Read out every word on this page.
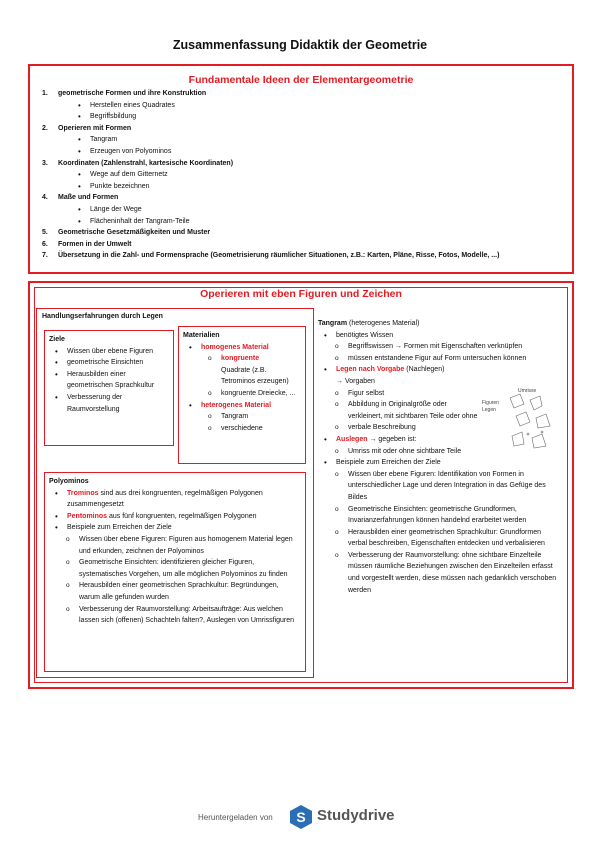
Zusammenfassung Didaktik der Geometrie
Fundamentale Ideen der Elementargeometrie
1. geometrische Formen und ihre Konstruktion
• Herstellen eines Quadrates
• Begriffsbildung
2. Operieren mit Formen
• Tangram
• Erzeugen von Polyominos
3. Koordinaten (Zahlenstrahl, kartesische Koordinaten)
• Wege auf dem Gitternetz
• Punkte bezeichnen
4. Maße und Formen
• Länge der Wege
• Flächeninhalt der Tangram-Teile
5. Geometrische Gesetzmäßigkeiten und Muster
6. Formen in der Umwelt
7. Übersetzung in die Zahl- und Formensprache (Geometrisierung räumlicher Situationen, z.B.: Karten, Pläne, Risse, Fotos, Modelle, ...)
Operieren mit eben Figuren und Zeichen
Handlungserfahrungen durch Legen
Ziele
• Wissen über ebene Figuren
• geometrische Einsichten
• Herausbilden einer geometrischen Sprachkultur
• Verbesserung der Raumvorstellung
Materialien
• homogenes Material
o kongruente
Quadrate (z.B. Tetrominos erzeugen)
o kongruente Dreiecke, ...
• heterogenes Material
o Tangram
o verschiedene
Polyominos
• Trominos sind aus drei kongruenten, regelmäßigen Polygonen zusammengesetzt
• Pentominos aus fünf kongruenten, regelmäßigen Polygonen
• Beispiele zum Erreichen der Ziele
o Wissen über ebene Figuren: Figuren aus homogenem Material legen und erkunden, zeichnen der Polyominos
o Geometrische Einsichten: identifizieren gleicher Figuren, systematisches Vorgehen, um alle möglichen Polyominos zu finden
o Herausbilden einer geometrischen Sprachkultur: Begründungen, warum alle gefunden wurden
o Verbesserung der Raumvorstellung: Arbeitsaufträge: Aus welchen lassen sich (offenen) Schachteln falten?, Auslegen von Umrissfiguren
Tangram (heterogenes Material)
• benötigtes Wissen
o Begriffswissen → Formen mit Eigenschaften verknüpfen
o müssen entstandene Figur auf Form untersuchen können
• Legen nach Vorgabe (Nachlegen)
→ Vorgaben
o Figur selbst
o Abbildung in Originalgröße oder verkleinert, mit sichtbaren Teile oder ohne
o verbale Beschreibung
• Auslegen → gegeben ist:
o Umriss mit oder ohne sichtbare Teile
• Beispiele zum Erreichen der Ziele
o Wissen über ebene Figuren: Identifikation von Formen in unterschiedlicher Lage und deren Integration in das Gefüge des Bildes
o Geometrische Einsichten: geometrische Grundformen, Invarianzerfahrungen können handelnd erarbeitet werden
o Herausbilden einer geometrischen Sprachkultur: Grundformen verbal beschreiben, Eigenschaften entdecken und verbalisieren
o Verbesserung der Raumvorstellung: ohne sichtbare Einzelteile müssen räumliche Beziehungen zwischen den Einzelteilen erfasst und vorgestellt werden, diese müssen nach gedanklich verschoben werden
Umrisse
Figuren
Legen
Heruntergeladen von S Studydrive
